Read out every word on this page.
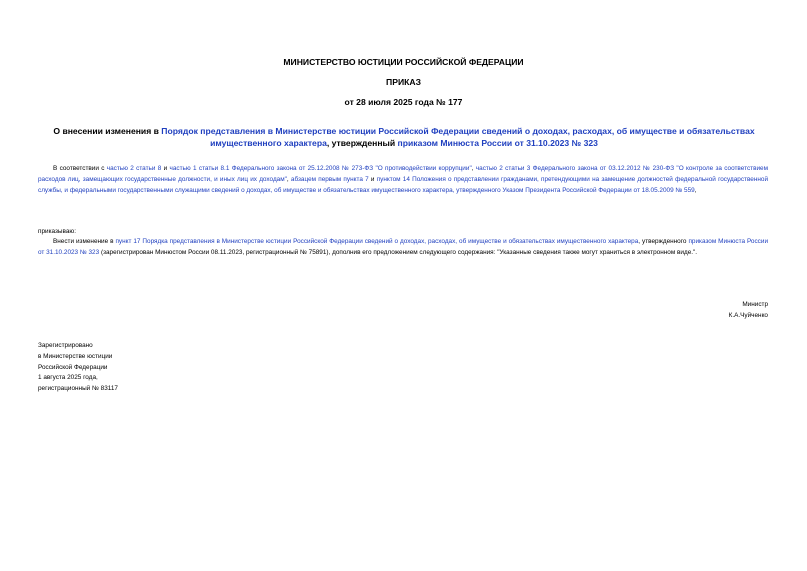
МИНИСТЕРСТВО ЮСТИЦИИ РОССИЙСКОЙ ФЕДЕРАЦИИ
ПРИКАЗ
от 28 июля 2025 года № 177
О внесении изменения в Порядок представления в Министерстве юстиции Российской Федерации сведений о доходах, расходах, об имуществе и обязательствах имущественного характера, утвержденный приказом Минюста России от 31.10.2023 № 323
В соответствии с частью 2 статьи 8 и частью 1 статьи 8.1 Федерального закона от 25.12.2008 № 273-ФЗ "О противодействии коррупции", частью 2 статьи 3 Федерального закона от 03.12.2012 № 230-ФЗ "О контроле за соответствием расходов лиц, замещающих государственные должности, и иных лиц их доходам", абзацем первым пункта 7 и пунктом 14 Положения о представлении гражданами, претендующими на замещение должностей федеральной государственной службы, и федеральными государственными служащими сведений о доходах, об имуществе и обязательствах имущественного характера, утвержденного Указом Президента Российской Федерации от 18.05.2009 № 559,
приказываю:
Внести изменение в пункт 17 Порядка представления в Министерстве юстиции Российской Федерации сведений о доходах, расходах, об имуществе и обязательствах имущественного характера, утвержденного приказом Минюста России от 31.10.2023 № 323 (зарегистрирован Минюстом России 08.11.2023, регистрационный № 75891), дополнив его предложением следующего содержания: "Указанные сведения также могут храниться в электронном виде.".
Министр
К.А.Чуйченко
Зарегистрировано
в Министерстве юстиции
Российской Федерации
1 августа 2025 года,
регистрационный № 83117
